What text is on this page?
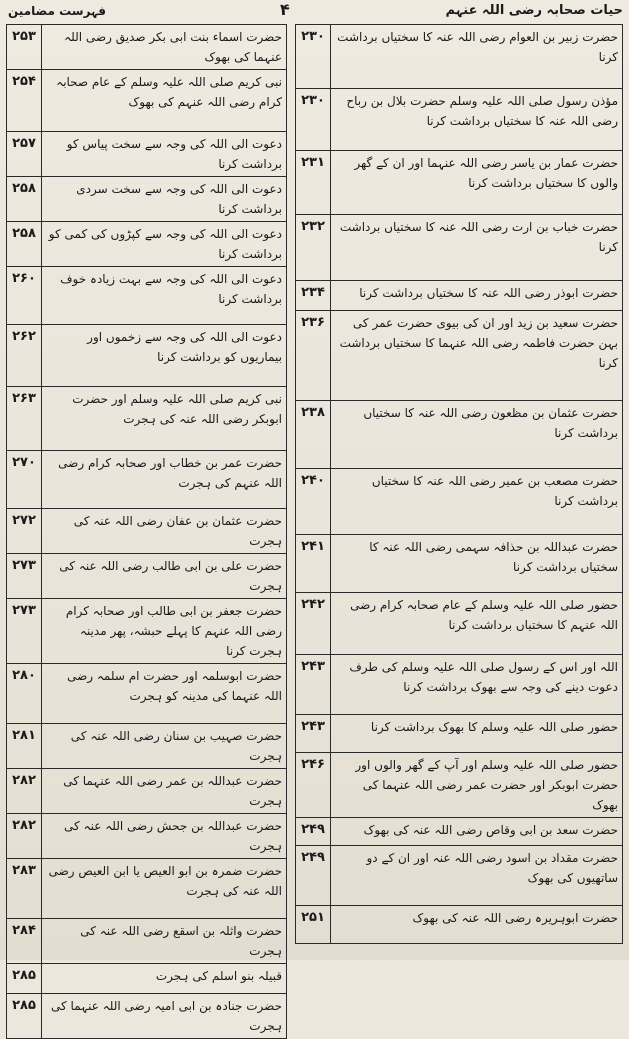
حیات صحابہ رضی اللہ عنہم
۴
فہرست مضامین
حضرت زبیر بن العوام رضی اللہ عنہ کا سختیاں برداشت کرنا	۲۳۰
مؤذن رسول صلی اللہ علیہ وسلم حضرت بلال بن رباح رضی اللہ عنہ کا سختیاں برداشت کرنا	۲۳۰
حضرت عمار بن یاسر رضی اللہ عنہما اور ان کے گھر والوں کا سختیاں برداشت کرنا	۲۳۱
حضرت خباب بن ارت رضی اللہ عنہ کا سختیاں برداشت کرنا	۲۳۲
حضرت ابوذر رضی اللہ عنہ کا سختیاں برداشت کرنا	۲۳۴
حضرت سعید بن زید اور ان کی بیوی حضرت عمر کی بہن حضرت فاطمہ رضی اللہ عنہما کا سختیاں برداشت کرنا	۲۳۶
حضرت عثمان بن مظعون رضی اللہ عنہ کا سختیاں برداشت کرنا	۲۳۸
حضرت مصعب بن عمیر رضی اللہ عنہ کا سختیاں برداشت کرنا	۲۴۰
حضرت عبداللہ بن حذافہ سہمی رضی اللہ عنہ کا سختیاں برداشت کرنا	۲۴۱
حضور صلی اللہ علیہ وسلم کے عام صحابہ کرام رضی اللہ عنہم کا سختیاں برداشت کرنا	۲۴۲
اللہ اور اس کے رسول صلی اللہ علیہ وسلم کی طرف دعوت دینے کی وجہ سے بھوک برداشت کرنا	۲۴۳
حضور صلی اللہ علیہ وسلم کا بھوک برداشت کرنا	۲۴۳
حضور صلی اللہ علیہ وسلم اور آپ کے گھر والوں اور حضرت ابوبکر اور حضرت عمر رضی اللہ عنہما کی بھوک	۲۴۶
حضرت سعد بن ابی وقاص رضی اللہ عنہ کی بھوک	۲۴۹
حضرت مقداد بن اسود رضی اللہ عنہ اور ان کے دو ساتھیوں کی بھوک	۲۴۹
حضرت ابوہریرہ رضی اللہ عنہ کی بھوک	۲۵۱
حضرت اسماء بنت ابی بکر صدیق رضی اللہ عنہما کی بھوک	۲۵۳
نبی کریم صلی اللہ علیہ وسلم کے عام صحابہ کرام رضی اللہ عنہم کی بھوک	۲۵۴
دعوت الی اللہ کی وجہ سے سخت پیاس کو برداشت کرنا	۲۵۷
دعوت الی اللہ کی وجہ سے سخت سردی برداشت کرنا	۲۵۸
دعوت الی اللہ کی وجہ سے کپڑوں کی کمی کو برداشت کرنا	۲۵۸
دعوت الی اللہ کی وجہ سے بہت زیادہ خوف برداشت کرنا	۲۶۰
دعوت الی اللہ کی وجہ سے زخموں اور بیماریوں کو برداشت کرنا	۲۶۲
نبی کریم صلی اللہ علیہ وسلم اور حضرت ابوبکر رضی اللہ عنہ کی ہجرت	۲۶۳
حضرت عمر بن خطاب اور صحابہ کرام رضی اللہ عنہم کی ہجرت	۲۷۰
حضرت عثمان بن عفان رضی اللہ عنہ کی ہجرت	۲۷۲
حضرت علی بن ابی طالب رضی اللہ عنہ کی ہجرت	۲۷۳
حضرت جعفر بن ابی طالب اور صحابہ کرام رضی اللہ عنہم کا پہلے حبشہ، پھر مدینہ ہجرت کرنا	۲۷۳
حضرت ابوسلمہ اور حضرت ام سلمہ رضی اللہ عنہما کی مدینہ کو ہجرت	۲۸۰
حضرت صہیب بن سنان رضی اللہ عنہ کی ہجرت	۲۸۱
حضرت عبداللہ بن عمر رضی اللہ عنہما کی ہجرت	۲۸۲
حضرت عبداللہ بن جحش رضی اللہ عنہ کی ہجرت	۲۸۲
حضرت ضمرہ بن ابو العیص یا ابن العیص رضی اللہ عنہ کی ہجرت	۲۸۳
حضرت واثلہ بن اسقع رضی اللہ عنہ کی ہجرت	۲۸۴
قبیلہ بنو اسلم کی ہجرت	۲۸۵
حضرت جنادہ بن ابی امیہ رضی اللہ عنہما کی ہجرت	۲۸۵
